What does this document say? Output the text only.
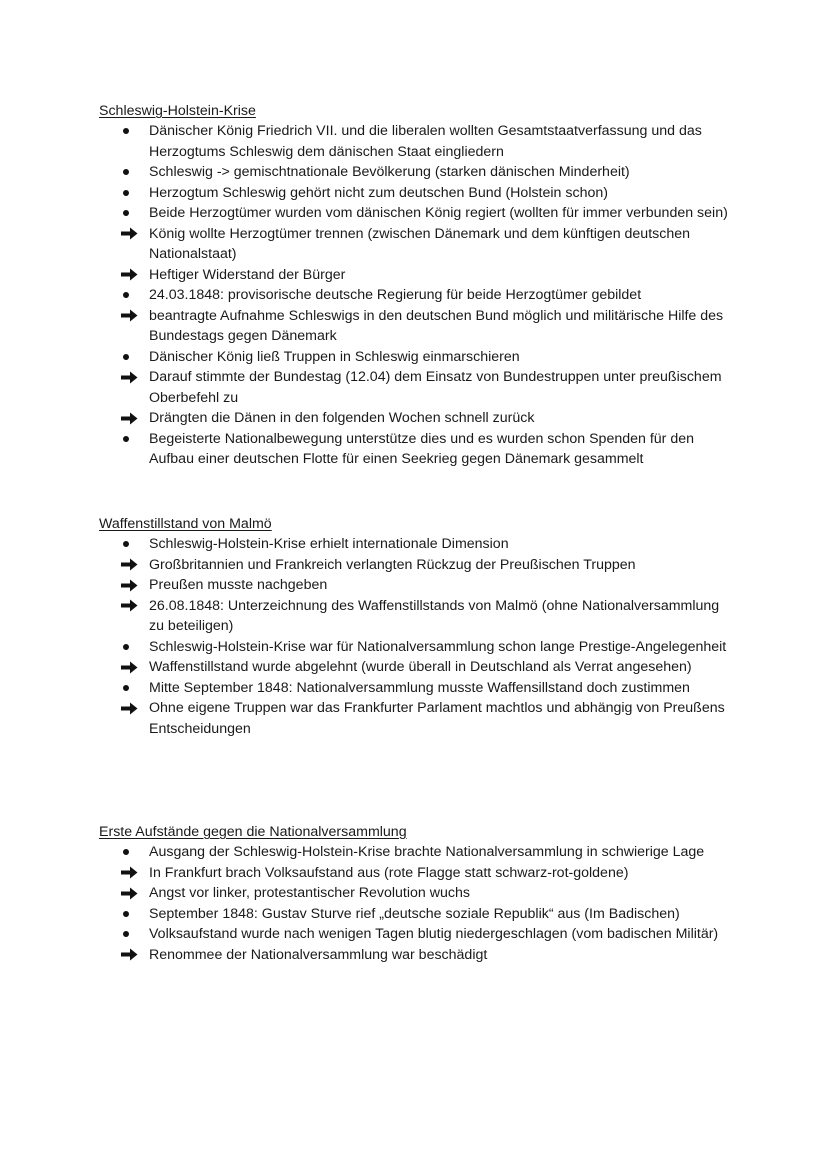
Schleswig-Holstein-Krise
Dänischer König Friedrich VII. und die liberalen wollten Gesamtstaatverfassung und das Herzogtums Schleswig dem dänischen Staat eingliedern
Schleswig -> gemischtnationale Bevölkerung (starken dänischen Minderheit)
Herzogtum Schleswig gehört nicht zum deutschen Bund (Holstein schon)
Beide Herzogtümer wurden vom dänischen König regiert (wollten für immer verbunden sein)
König wollte Herzogtümer trennen (zwischen Dänemark und dem künftigen deutschen Nationalstaat)
Heftiger Widerstand der Bürger
24.03.1848: provisorische deutsche Regierung für beide Herzogtümer gebildet
beantragte Aufnahme Schleswigs in den deutschen Bund möglich und militärische Hilfe des Bundestags gegen Dänemark
Dänischer König ließ Truppen in Schleswig einmarschieren
Darauf stimmte der Bundestag (12.04) dem Einsatz von Bundestruppen unter preußischem Oberbefehl zu
Drängten die Dänen in den folgenden Wochen schnell zurück
Begeisterte Nationalbewegung unterstütze dies und es wurden schon Spenden für den Aufbau einer deutschen Flotte für einen Seekrieg gegen Dänemark gesammelt
Waffenstillstand von Malmö
Schleswig-Holstein-Krise erhielt internationale Dimension
Großbritannien und Frankreich verlangten Rückzug der Preußischen Truppen
Preußen musste nachgeben
26.08.1848: Unterzeichnung des Waffenstillstands von Malmö (ohne Nationalversammlung zu beteiligen)
Schleswig-Holstein-Krise war für Nationalversammlung schon lange Prestige-Angelegenheit
Waffenstillstand wurde abgelehnt (wurde überall in Deutschland als Verrat angesehen)
Mitte September 1848: Nationalversammlung musste Waffensillstand doch zustimmen
Ohne eigene Truppen war das Frankfurter Parlament machtlos und abhängig von Preußens Entscheidungen
Erste Aufstände gegen die Nationalversammlung
Ausgang der Schleswig-Holstein-Krise brachte Nationalversammlung in schwierige Lage
In Frankfurt brach Volksaufstand aus (rote Flagge statt schwarz-rot-goldene)
Angst vor linker, protestantischer Revolution wuchs
September 1848: Gustav Sturve rief „deutsche soziale Republik“ aus (Im Badischen)
Volksaufstand wurde nach wenigen Tagen blutig niedergeschlagen (vom badischen Militär)
Renommee der Nationalversammlung war beschädigt
